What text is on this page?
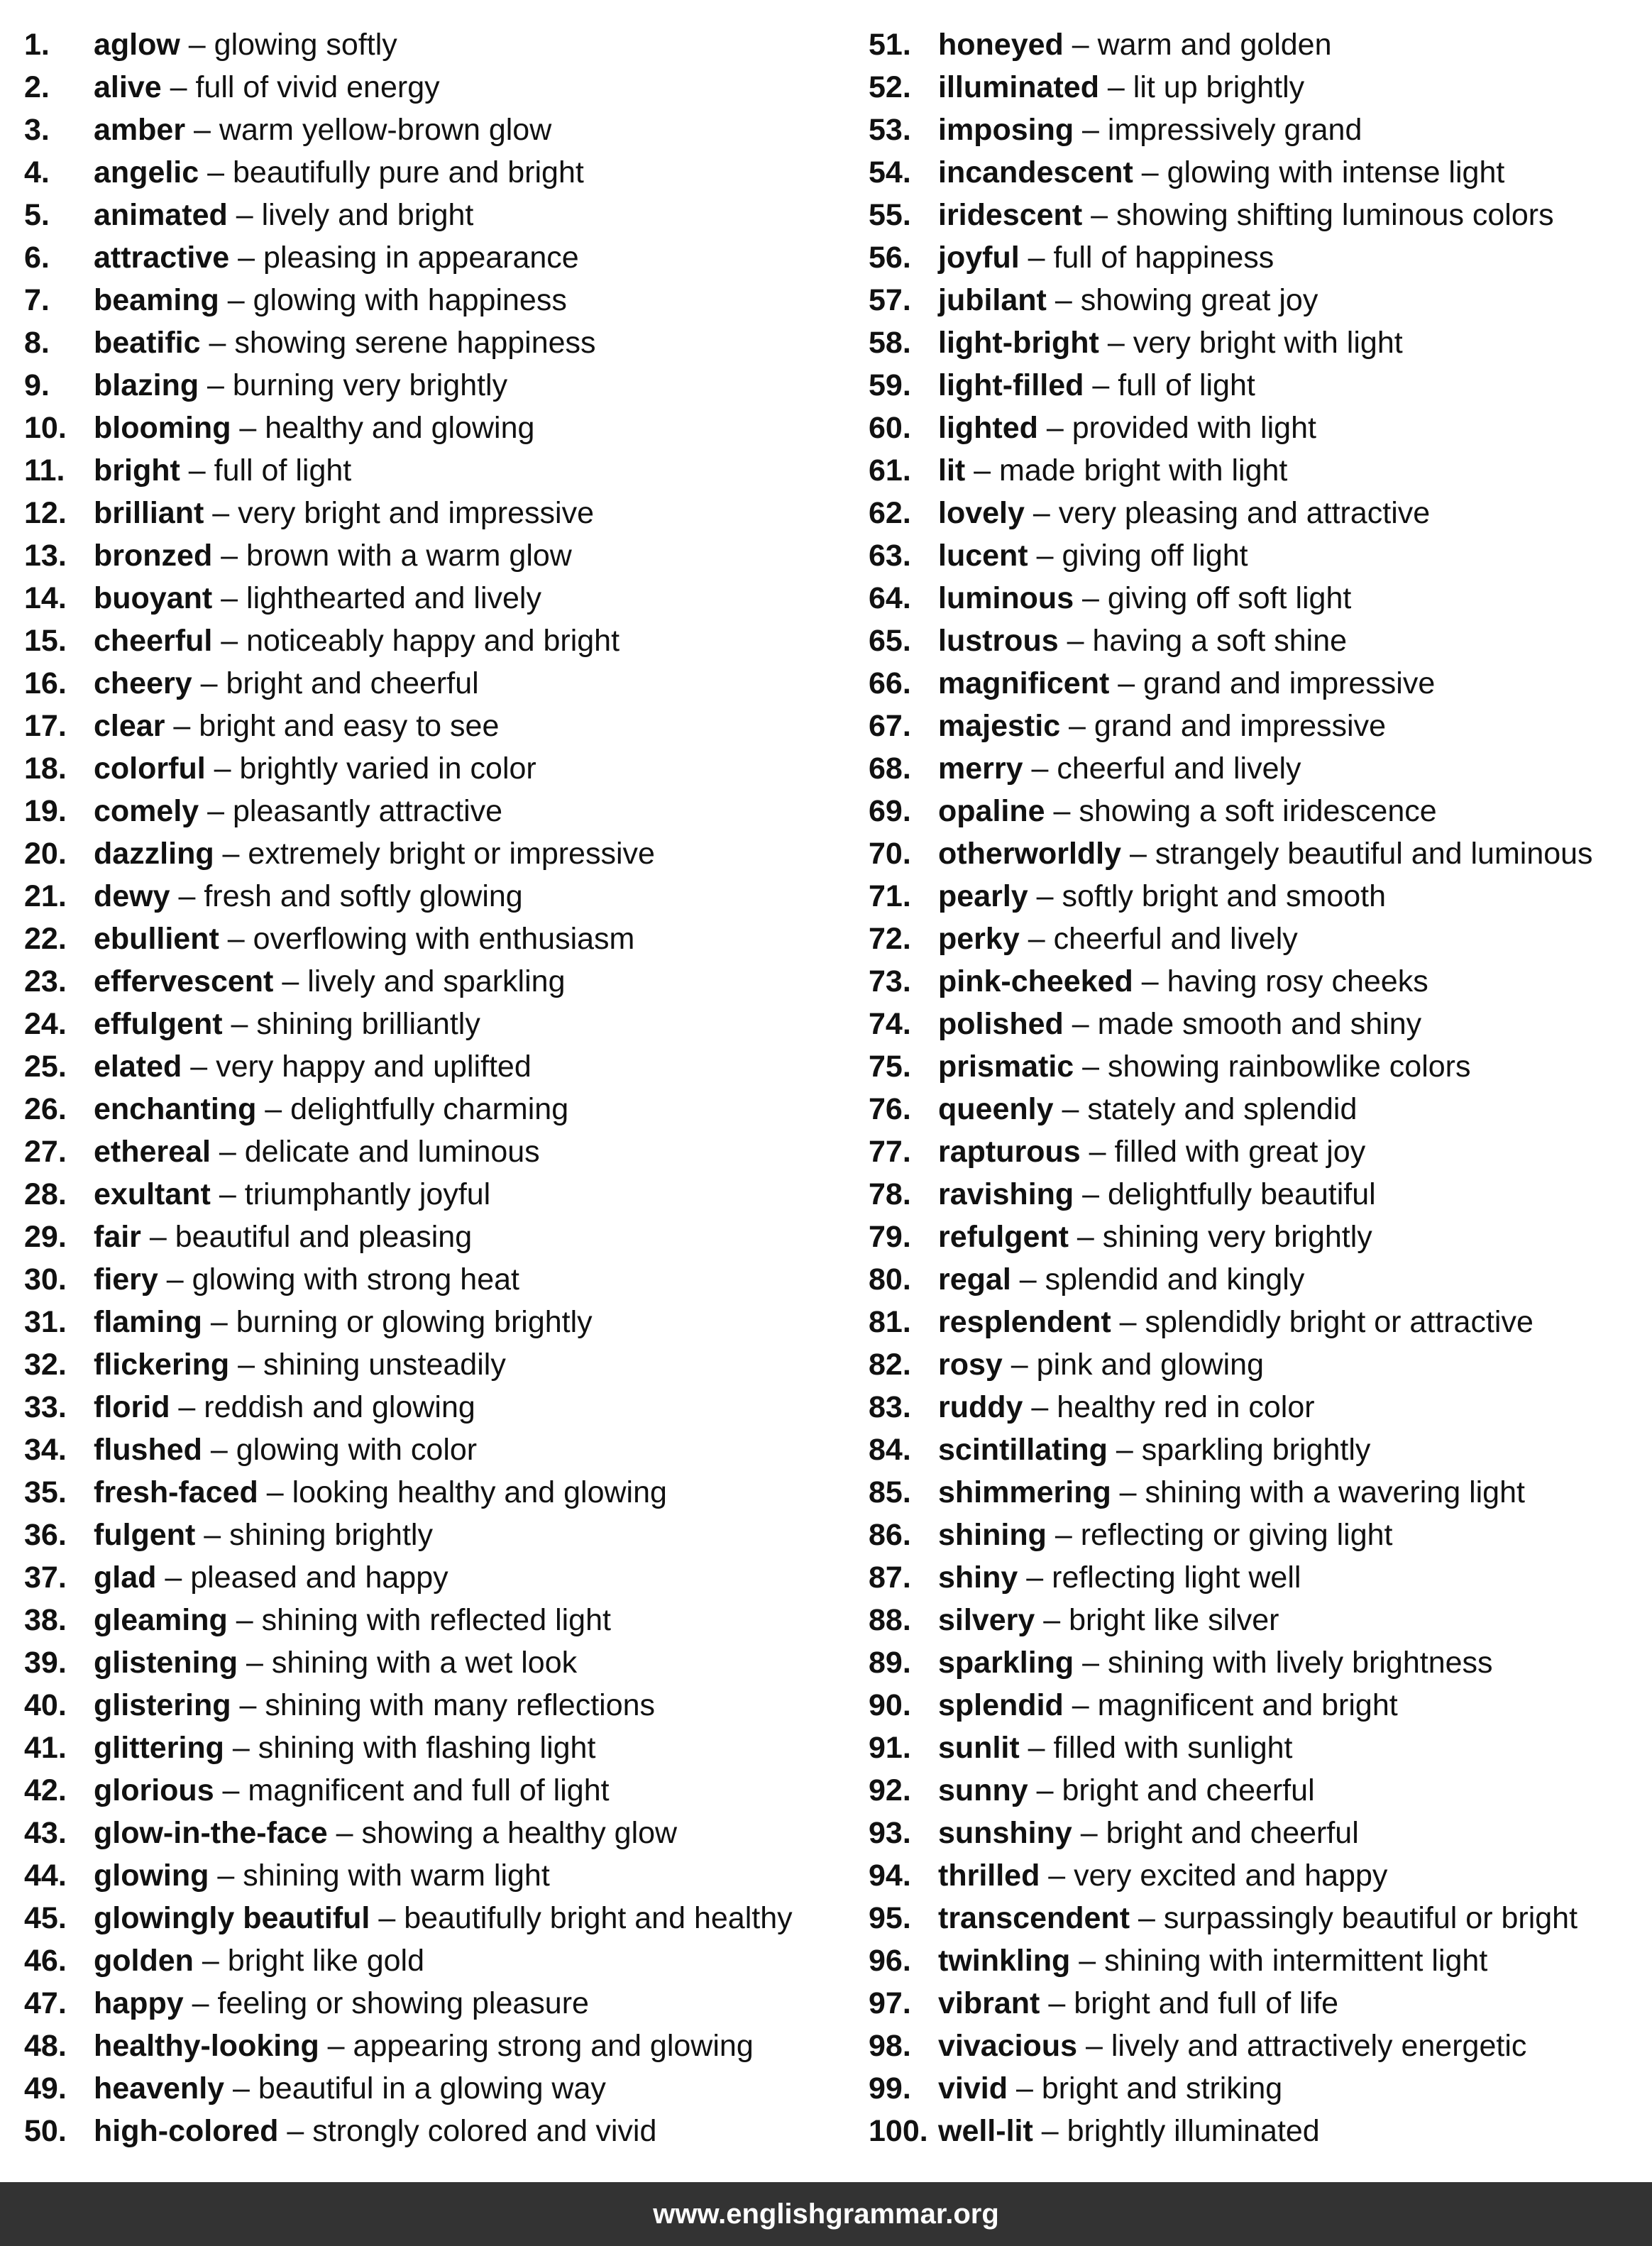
1. aglow – glowing softly
2. alive – full of vivid energy
3. amber – warm yellow-brown glow
4. angelic – beautifully pure and bright
5. animated – lively and bright
6. attractive – pleasing in appearance
7. beaming – glowing with happiness
8. beatific – showing serene happiness
9. blazing – burning very brightly
10. blooming – healthy and glowing
11. bright – full of light
12. brilliant – very bright and impressive
13. bronzed – brown with a warm glow
14. buoyant – lighthearted and lively
15. cheerful – noticeably happy and bright
16. cheery – bright and cheerful
17. clear – bright and easy to see
18. colorful – brightly varied in color
19. comely – pleasantly attractive
20. dazzling – extremely bright or impressive
21. dewy – fresh and softly glowing
22. ebullient – overflowing with enthusiasm
23. effervescent – lively and sparkling
24. effulgent – shining brilliantly
25. elated – very happy and uplifted
26. enchanting – delightfully charming
27. ethereal – delicate and luminous
28. exultant – triumphantly joyful
29. fair – beautiful and pleasing
30. fiery – glowing with strong heat
31. flaming – burning or glowing brightly
32. flickering – shining unsteadily
33. florid – reddish and glowing
34. flushed – glowing with color
35. fresh-faced – looking healthy and glowing
36. fulgent – shining brightly
37. glad – pleased and happy
38. gleaming – shining with reflected light
39. glistening – shining with a wet look
40. glistering – shining with many reflections
41. glittering – shining with flashing light
42. glorious – magnificent and full of light
43. glow-in-the-face – showing a healthy glow
44. glowing – shining with warm light
45. glowingly beautiful – beautifully bright and healthy
46. golden – bright like gold
47. happy – feeling or showing pleasure
48. healthy-looking – appearing strong and glowing
49. heavenly – beautiful in a glowing way
50. high-colored – strongly colored and vivid
51. honeyed – warm and golden
52. illuminated – lit up brightly
53. imposing – impressively grand
54. incandescent – glowing with intense light
55. iridescent – showing shifting luminous colors
56. joyful – full of happiness
57. jubilant – showing great joy
58. light-bright – very bright with light
59. light-filled – full of light
60. lighted – provided with light
61. lit – made bright with light
62. lovely – very pleasing and attractive
63. lucent – giving off light
64. luminous – giving off soft light
65. lustrous – having a soft shine
66. magnificent – grand and impressive
67. majestic – grand and impressive
68. merry – cheerful and lively
69. opaline – showing a soft iridescence
70. otherworldly – strangely beautiful and luminous
71. pearly – softly bright and smooth
72. perky – cheerful and lively
73. pink-cheeked – having rosy cheeks
74. polished – made smooth and shiny
75. prismatic – showing rainbowlike colors
76. queenly – stately and splendid
77. rapturous – filled with great joy
78. ravishing – delightfully beautiful
79. refulgent – shining very brightly
80. regal – splendid and kingly
81. resplendent – splendidly bright or attractive
82. rosy – pink and glowing
83. ruddy – healthy red in color
84. scintillating – sparkling brightly
85. shimmering – shining with a wavering light
86. shining – reflecting or giving light
87. shiny – reflecting light well
88. silvery – bright like silver
89. sparkling – shining with lively brightness
90. splendid – magnificent and bright
91. sunlit – filled with sunlight
92. sunny – bright and cheerful
93. sunshiny – bright and cheerful
94. thrilled – very excited and happy
95. transcendent – surpassingly beautiful or bright
96. twinkling – shining with intermittent light
97. vibrant – bright and full of life
98. vivacious – lively and attractively energetic
99. vivid – bright and striking
100. well-lit – brightly illuminated
www.englishgrammar.org
